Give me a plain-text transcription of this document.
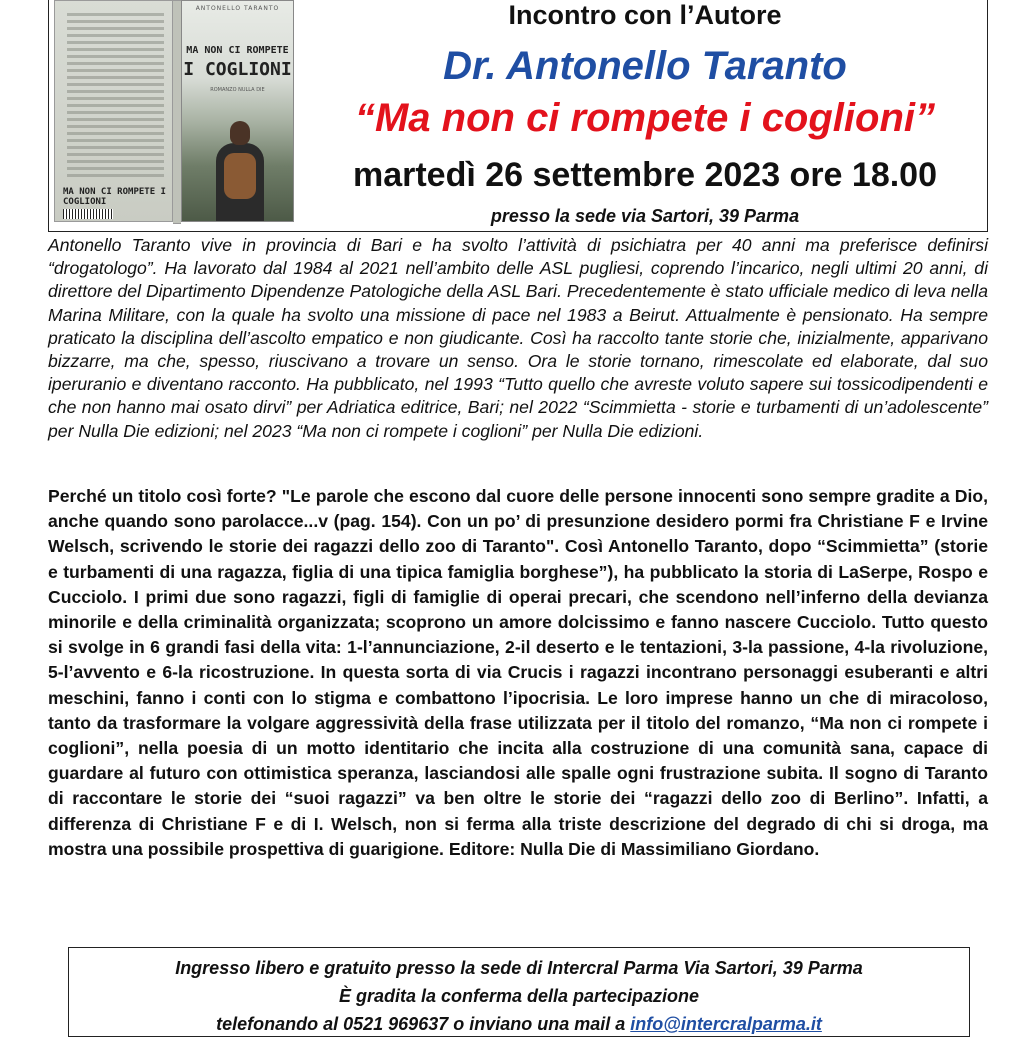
MA NON CI ROMPETE I COGLIONI
ANTONELLO TARANTO
MA NON CI ROMPETE
I COGLIONI
ROMANZO NULLA DIE
Incontro con l’Autore
Dr. Antonello Taranto
“Ma non ci rompete i coglioni”
martedì 26 settembre 2023 ore 18.00
presso la sede via Sartori, 39 Parma
Antonello Taranto vive in provincia di Bari e ha svolto l’attività di psichiatra per 40 anni ma preferisce definirsi “drogatologo”. Ha lavorato dal 1984 al 2021 nell’ambito delle ASL pugliesi, coprendo l’incarico, negli ultimi 20 anni, di direttore del Dipartimento Dipendenze Patologiche della ASL Bari. Precedentemente è stato ufficiale medico di leva nella Marina Militare, con la quale ha svolto una missione di pace nel 1983 a Beirut. Attualmente è pensionato. Ha sempre praticato la disciplina dell’ascolto empatico e non giudicante. Così ha raccolto tante storie che, inizialmente, apparivano bizzarre, ma che, spesso, riuscivano a trovare un senso. Ora le storie tornano, rimescolate ed elaborate, dal suo iperuranio e diventano racconto. Ha pubblicato, nel 1993 “Tutto quello che avreste voluto sapere sui tossicodipendenti e che non hanno mai osato dirvi” per Adriatica editrice, Bari; nel 2022 “Scimmietta - storie e turbamenti di un’adolescente” per Nulla Die edizioni; nel 2023 “Ma non ci rompete i coglioni” per Nulla Die edizioni.
Perché un titolo così forte? "Le parole che escono dal cuore delle persone innocenti sono sempre gradite a Dio, anche quando sono parolacce...v (pag. 154). Con un po’ di presunzione desidero pormi fra Christiane F e Irvine Welsch, scrivendo le storie dei ragazzi dello zoo di Taranto". Così Antonello Taranto, dopo “Scimmietta” (storie e turbamenti di una ragazza, figlia di una tipica famiglia borghese”), ha pubblicato la storia di LaSerpe, Rospo e Cucciolo. I primi due sono ragazzi, figli di famiglie di operai precari, che scendono nell’inferno della devianza minorile e della criminalità organizzata; scoprono un amore dolcissimo e fanno nascere Cucciolo. Tutto questo si svolge in 6 grandi fasi della vita: 1-l’annunciazione, 2-il deserto e le tentazioni, 3-la passione, 4-la rivoluzione, 5-l’avvento e 6-la ricostruzione. In questa sorta di via Crucis i ragazzi incontrano personaggi esuberanti e altri meschini, fanno i conti con lo stigma e combattono l’ipocrisia. Le loro imprese hanno un che di miracoloso, tanto da trasformare la volgare aggressività della frase utilizzata per il titolo del romanzo, “Ma non ci rompete i coglioni”, nella poesia di un motto identitario che incita alla costruzione di una comunità sana, capace di guardare al futuro con ottimistica speranza, lasciandosi alle spalle ogni frustrazione subita. Il sogno di Taranto di raccontare le storie dei “suoi ragazzi” va ben oltre le storie dei “ragazzi dello zoo di Berlino”. Infatti, a differenza di Christiane F e di I. Welsch, non si ferma alla triste descrizione del degrado di chi si droga, ma mostra una possibile prospettiva di guarigione. Editore: Nulla Die di Massimiliano Giordano.
Ingresso libero e gratuito presso la sede di Intercral Parma Via Sartori, 39 Parma
È gradita la conferma della partecipazione
telefonando al 0521 969637 o inviano una mail a info@intercralparma.it
